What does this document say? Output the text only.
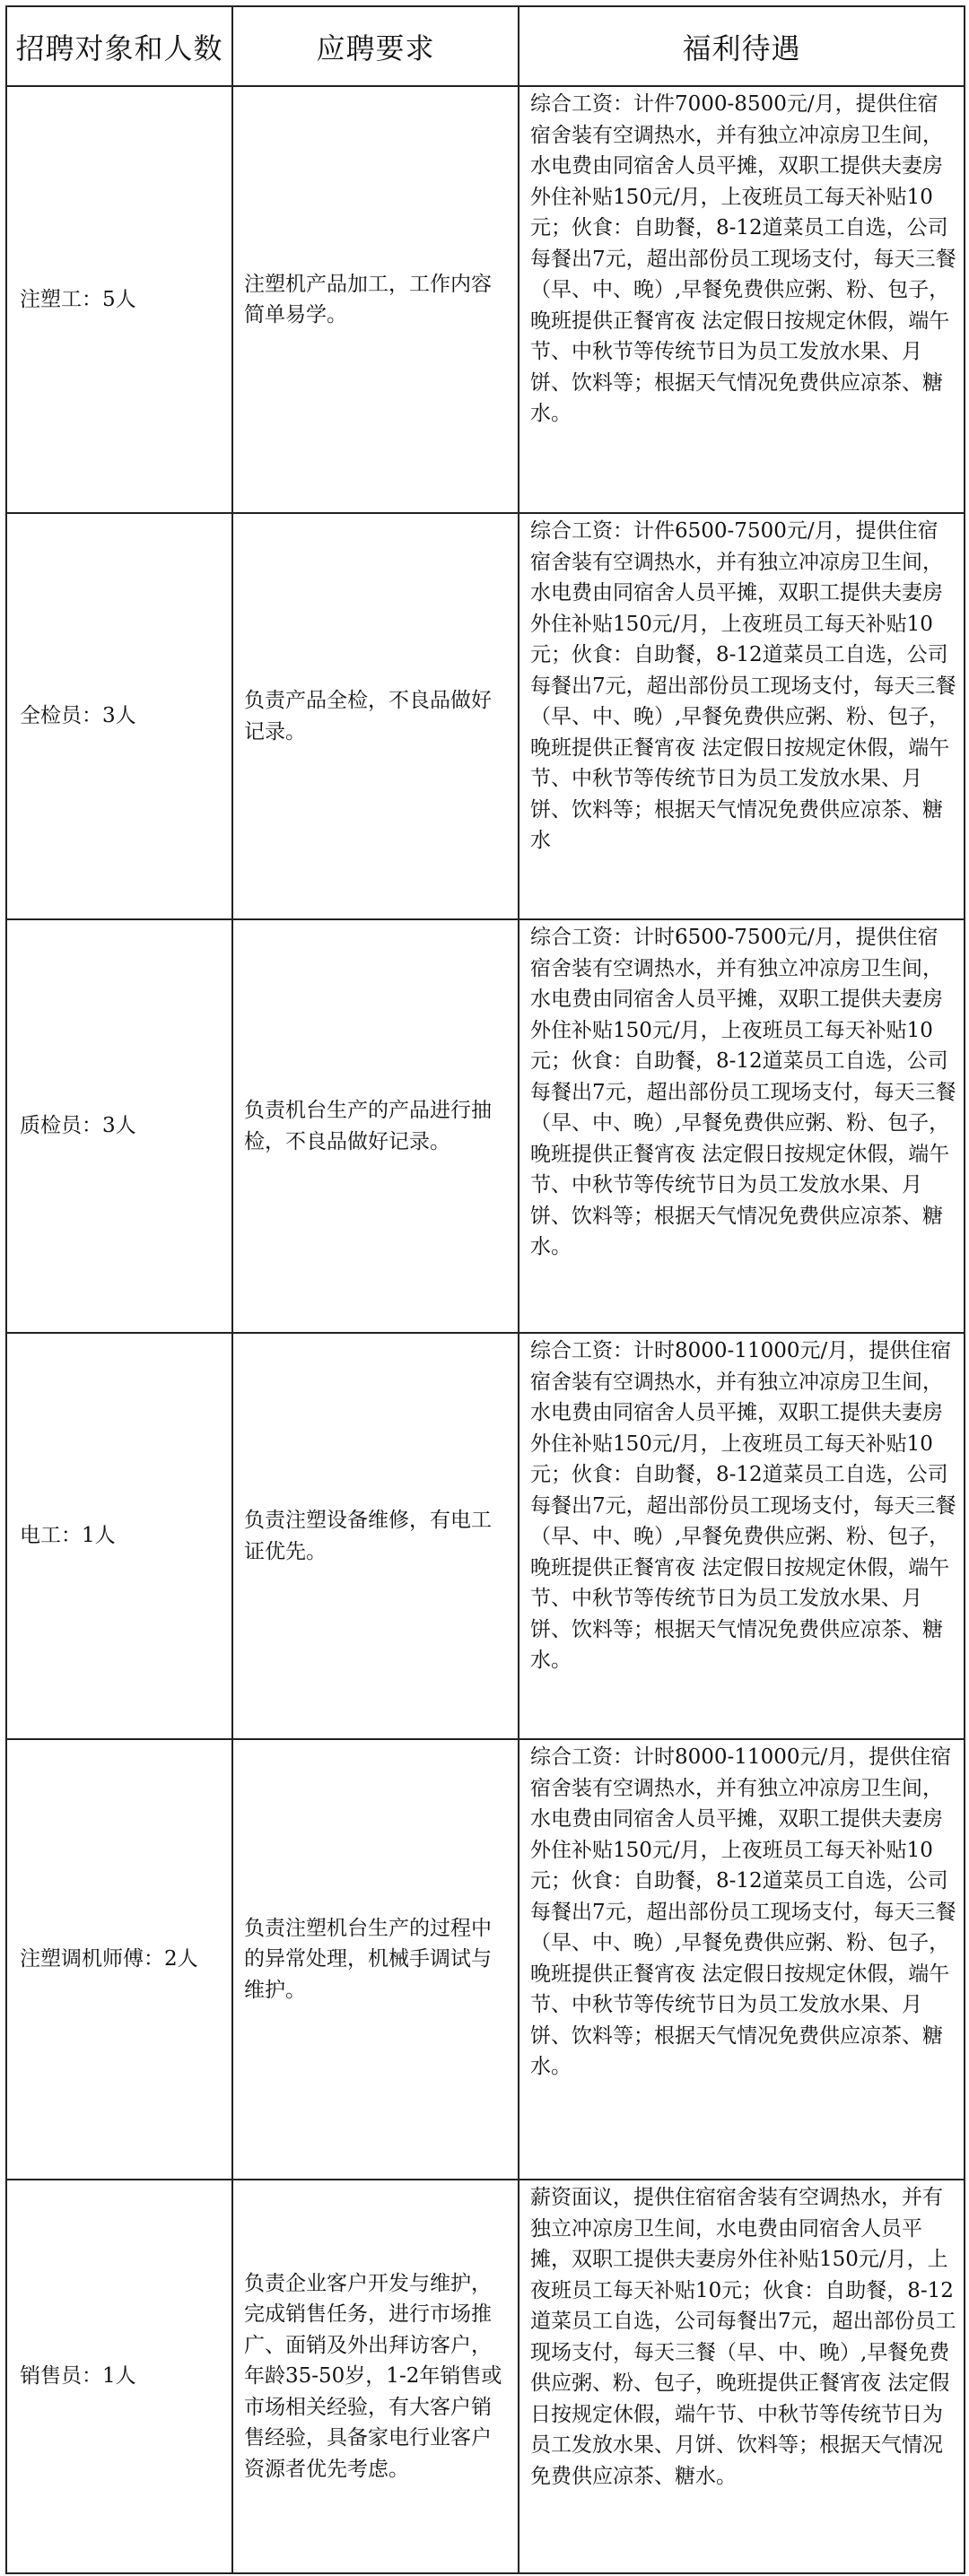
招聘对象和人数	应聘要求	福利待遇
注塑工：5人	注塑机产品加工，工作内容简单易学。	综合工资：计件7000-8500元/月，提供住宿宿舍装有空调热水，并有独立冲凉房卫生间，水电费由同宿舍人员平摊，双职工提供夫妻房外住补贴150元/月，上夜班员工每天补贴10元；伙食：自助餐，8-12道菜员工自选，公司每餐出7元，超出部份员工现场支付，每天三餐（早、中、晚）,早餐免费供应粥、粉、包子，晚班提供正餐宵夜 法定假日按规定休假，端午节、中秋节等传统节日为员工发放水果、月饼、饮料等；根据天气情况免费供应凉茶、糖水。

全检员：3人	负责产品全检，不良品做好记录。	综合工资：计件6500-7500元/月，提供住宿宿舍装有空调热水，并有独立冲凉房卫生间，水电费由同宿舍人员平摊，双职工提供夫妻房外住补贴150元/月，上夜班员工每天补贴10元；伙食：自助餐，8-12道菜员工自选，公司每餐出7元，超出部份员工现场支付，每天三餐（早、中、晚）,早餐免费供应粥、粉、包子，晚班提供正餐宵夜 法定假日按规定休假，端午节、中秋节等传统节日为员工发放水果、月饼、饮料等；根据天气情况免费供应凉茶、糖水

质检员：3人	负责机台生产的产品进行抽检，不良品做好记录。	综合工资：计时6500-7500元/月，提供住宿宿舍装有空调热水，并有独立冲凉房卫生间，水电费由同宿舍人员平摊，双职工提供夫妻房外住补贴150元/月，上夜班员工每天补贴10元；伙食：自助餐，8-12道菜员工自选，公司每餐出7元，超出部份员工现场支付，每天三餐（早、中、晚）,早餐免费供应粥、粉、包子，晚班提供正餐宵夜 法定假日按规定休假，端午节、中秋节等传统节日为员工发放水果、月饼、饮料等；根据天气情况免费供应凉茶、糖水。

电工：1人	负责注塑设备维修，有电工证优先。	综合工资：计时8000-11000元/月，提供住宿宿舍装有空调热水，并有独立冲凉房卫生间，水电费由同宿舍人员平摊，双职工提供夫妻房外住补贴150元/月，上夜班员工每天补贴10元；伙食：自助餐，8-12道菜员工自选，公司每餐出7元，超出部份员工现场支付，每天三餐（早、中、晚）,早餐免费供应粥、粉、包子，晚班提供正餐宵夜 法定假日按规定休假，端午节、中秋节等传统节日为员工发放水果、月饼、饮料等；根据天气情况免费供应凉茶、糖水。

注塑调机师傅：2人	负责注塑机台生产的过程中的异常处理，机械手调试与维护。	综合工资：计时8000-11000元/月，提供住宿宿舍装有空调热水，并有独立冲凉房卫生间，水电费由同宿舍人员平摊，双职工提供夫妻房外住补贴150元/月，上夜班员工每天补贴10元；伙食：自助餐，8-12道菜员工自选，公司每餐出7元，超出部份员工现场支付，每天三餐（早、中、晚）,早餐免费供应粥、粉、包子，晚班提供正餐宵夜 法定假日按规定休假，端午节、中秋节等传统节日为员工发放水果、月饼、饮料等；根据天气情况免费供应凉茶、糖水。

销售员：1人	负责企业客户开发与维护，完成销售任务，进行市场推广、面销及外出拜访客户，年龄35-50岁，1-2年销售或市场相关经验，有大客户销售经验，具备家电行业客户资源者优先考虑。	薪资面议，提供住宿宿舍装有空调热水，并有独立冲凉房卫生间，水电费由同宿舍人员平摊，双职工提供夫妻房外住补贴150元/月，上夜班员工每天补贴10元；伙食：自助餐，8-12道菜员工自选，公司每餐出7元，超出部份员工现场支付，每天三餐（早、中、晚）,早餐免费供应粥、粉、包子，晚班提供正餐宵夜 法定假日按规定休假，端午节、中秋节等传统节日为员工发放水果、月饼、饮料等；根据天气情况免费供应凉茶、糖水。
